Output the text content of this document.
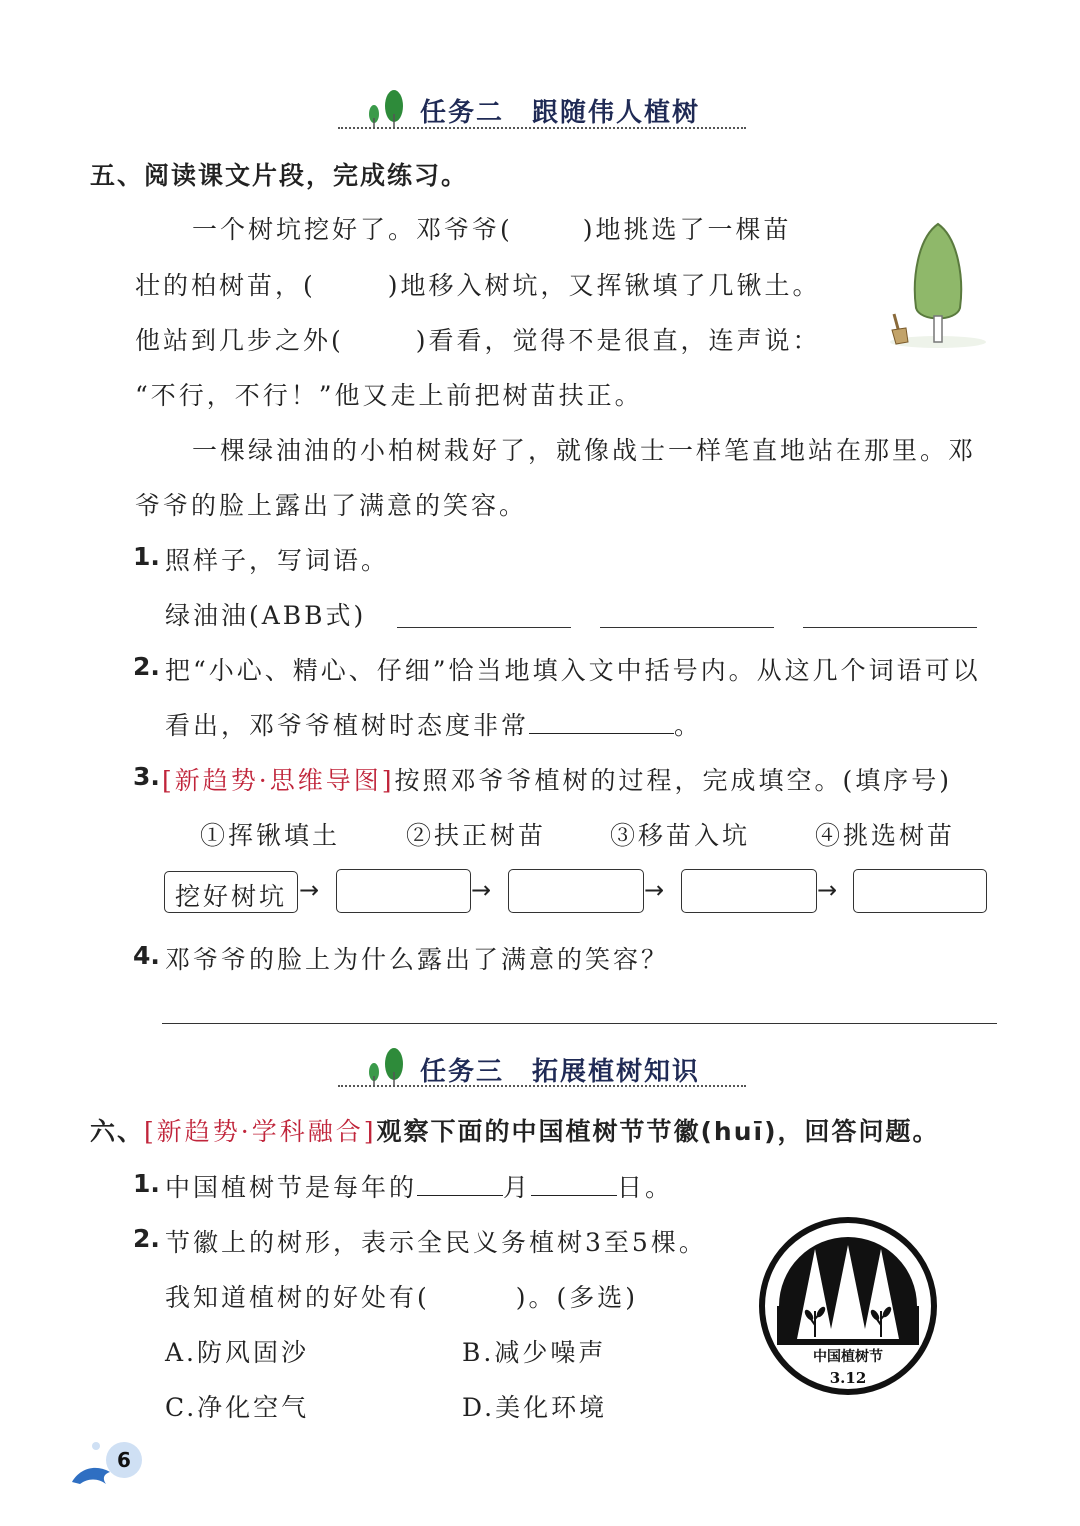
任务二　跟随伟人植树
五、阅读课文片段，完成练习。
一个树坑挖好了。邓爷爷(	)地挑选了一棵苗
壮的柏树苗，(	)地移入树坑，又挥锹填了几锹土。
他站到几步之外(	)看看，觉得不是很直，连声说：
“不行，不行！”他又走上前把树苗扶正。
一棵绿油油的小柏树栽好了，就像战士一样笔直地站在那里。邓
爷爷的脸上露出了满意的笑容。
1. 照样子，写词语。
绿油油(ABB式)
2. 把“小心、精心、仔细”恰当地填入文中括号内。从这几个词语可以
看出，邓爷爷植树时态度非常	。
3. [新趋势·思维导图]按照邓爷爷植树的过程，完成填空。(填序号)
①挥锹填土	②扶正树苗	③移苗入坑	④挑选树苗
挖好树坑 →	→	→	→
4. 邓爷爷的脸上为什么露出了满意的笑容？
任务三　拓展植树知识
六、[新趋势·学科融合]观察下面的中国植树节节徽(huī)，回答问题。
1. 中国植树节是每年的	月	日。
2. 节徽上的树形，表示全民义务植树3至5棵。
我知道植树的好处有(	)。(多选)
A.防风固沙	B.减少噪声
C.净化空气	D.美化环境
中国植树节
3.12
6
